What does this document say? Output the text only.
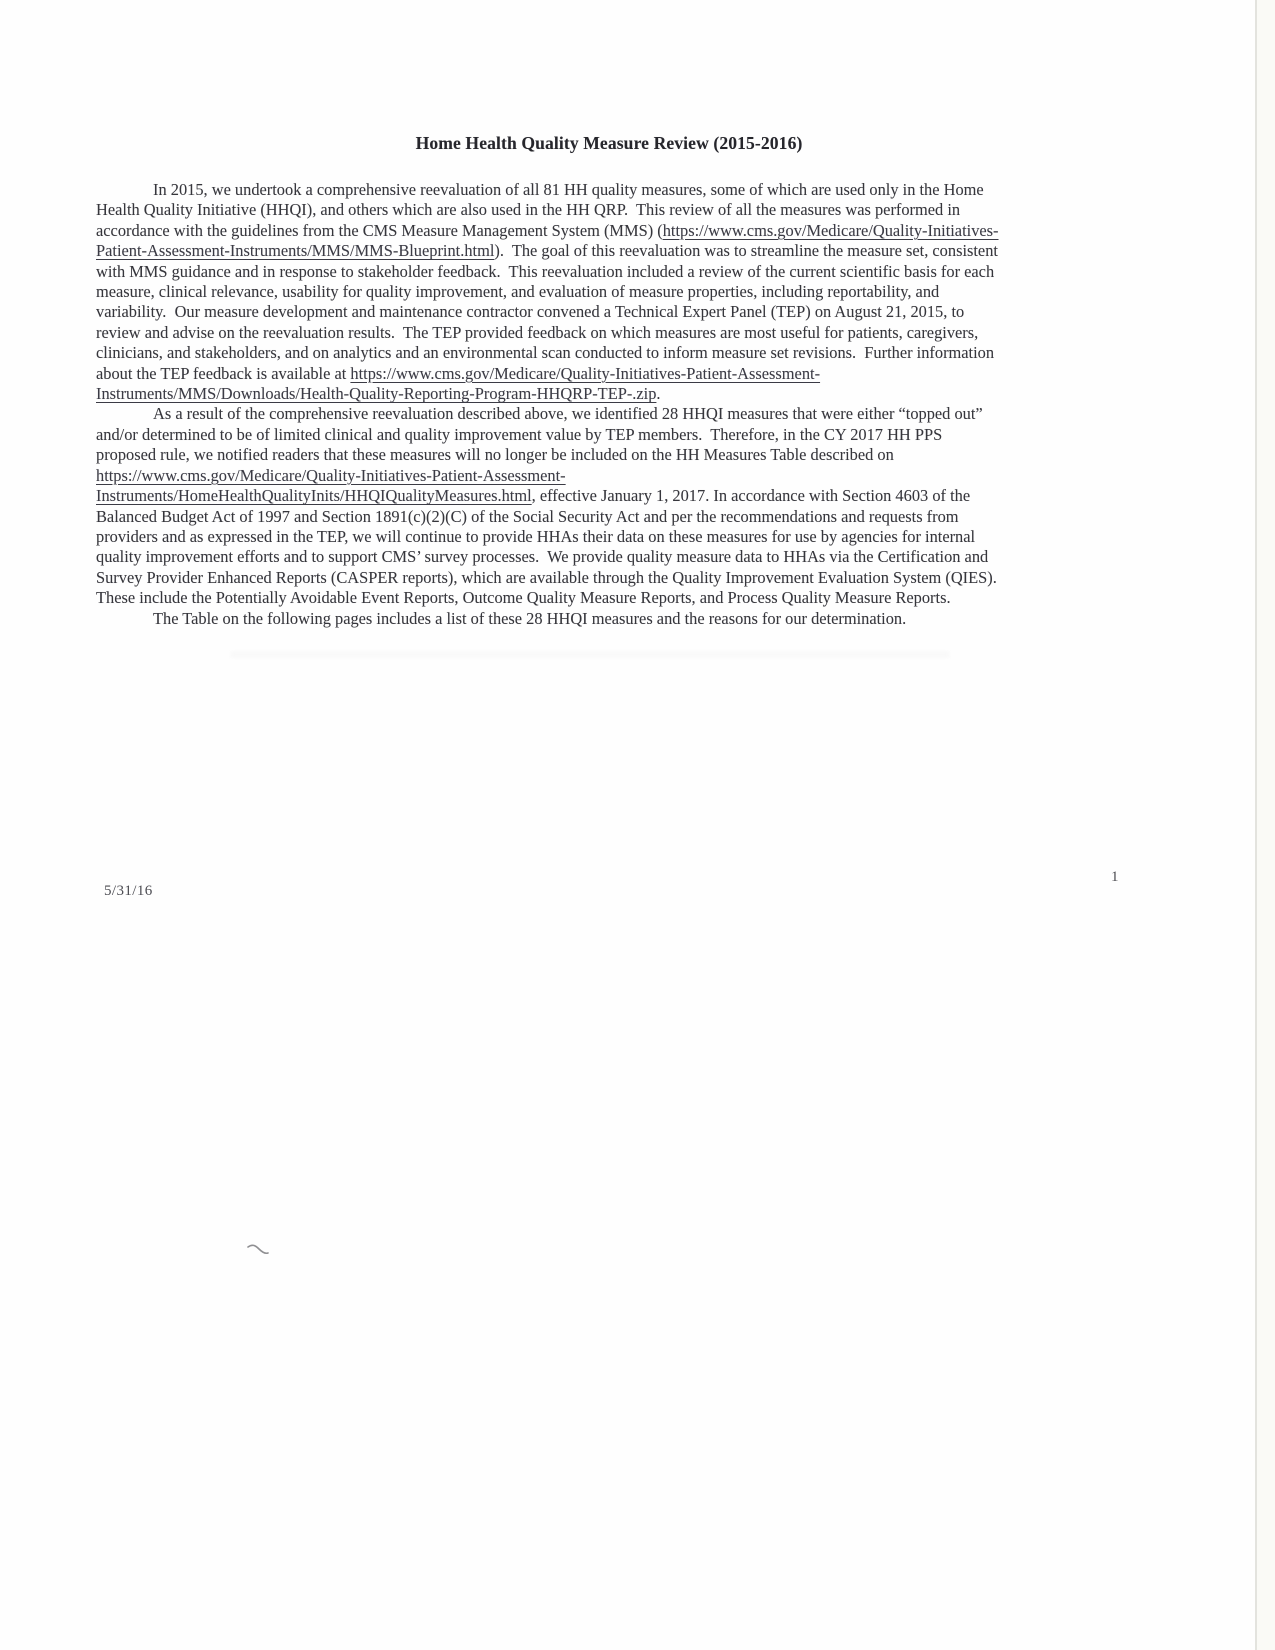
Home Health Quality Measure Review (2015-2016)
In 2015, we undertook a comprehensive reevaluation of all 81 HH quality measures, some of which are used only in the Home
Health Quality Initiative (HHQI), and others which are also used in the HH QRP.  This review of all the measures was performed in
accordance with the guidelines from the CMS Measure Management System (MMS) (https://www.cms.gov/Medicare/Quality-Initiatives-
Patient-Assessment-Instruments/MMS/MMS-Blueprint.html).  The goal of this reevaluation was to streamline the measure set, consistent
with MMS guidance and in response to stakeholder feedback.  This reevaluation included a review of the current scientific basis for each
measure, clinical relevance, usability for quality improvement, and evaluation of measure properties, including reportability, and
variability.  Our measure development and maintenance contractor convened a Technical Expert Panel (TEP) on August 21, 2015, to
review and advise on the reevaluation results.  The TEP provided feedback on which measures are most useful for patients, caregivers,
clinicians, and stakeholders, and on analytics and an environmental scan conducted to inform measure set revisions.  Further information
about the TEP feedback is available at https://www.cms.gov/Medicare/Quality-Initiatives-Patient-Assessment-
Instruments/MMS/Downloads/Health-Quality-Reporting-Program-HHQRP-TEP-.zip.
As a result of the comprehensive reevaluation described above, we identified 28 HHQI measures that were either “topped out”
and/or determined to be of limited clinical and quality improvement value by TEP members.  Therefore, in the CY 2017 HH PPS
proposed rule, we notified readers that these measures will no longer be included on the HH Measures Table described on
https://www.cms.gov/Medicare/Quality-Initiatives-Patient-Assessment-
Instruments/HomeHealthQualityInits/HHQIQualityMeasures.html, effective January 1, 2017. In accordance with Section 4603 of the
Balanced Budget Act of 1997 and Section 1891(c)(2)(C) of the Social Security Act and per the recommendations and requests from
providers and as expressed in the TEP, we will continue to provide HHAs their data on these measures for use by agencies for internal
quality improvement efforts and to support CMS’ survey processes.  We provide quality measure data to HHAs via the Certification and
Survey Provider Enhanced Reports (CASPER reports), which are available through the Quality Improvement Evaluation System (QIES).
These include the Potentially Avoidable Event Reports, Outcome Quality Measure Reports, and Process Quality Measure Reports.
The Table on the following pages includes a list of these 28 HHQI measures and the reasons for our determination.
1
5/31/16
